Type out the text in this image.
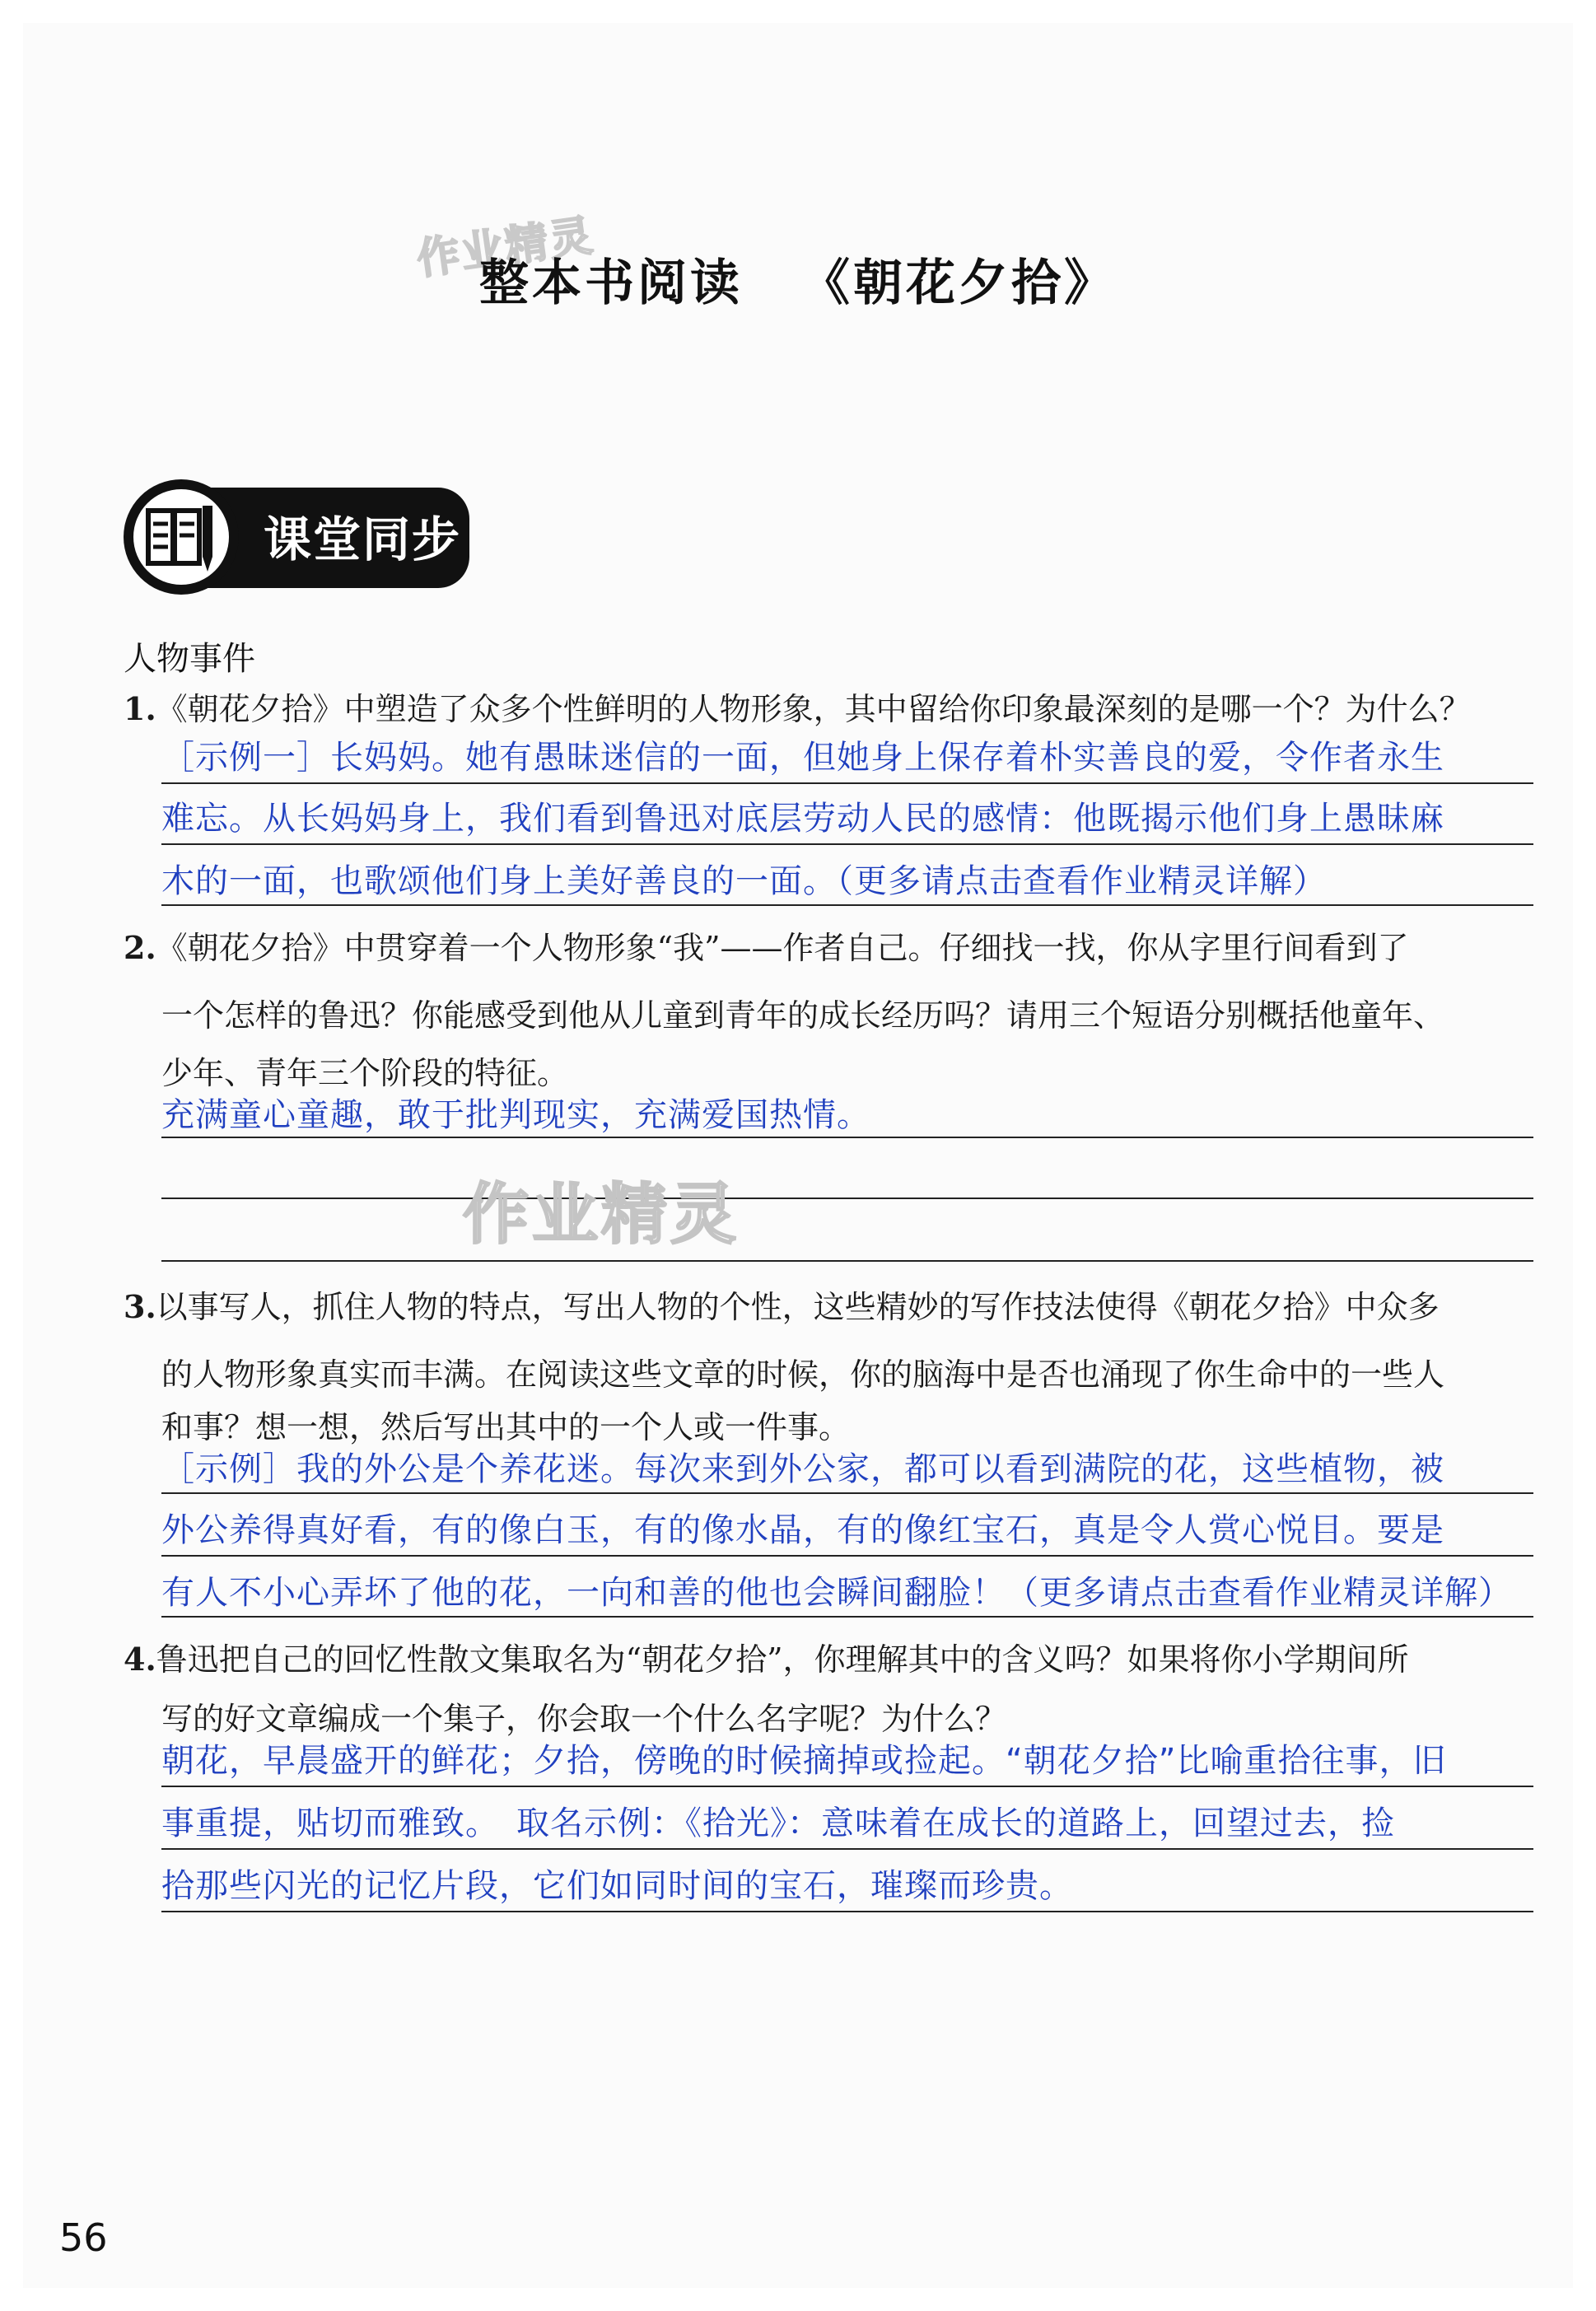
作业精灵
整本书阅读 《朝花夕拾》
课堂同步
人物事件
1.《朝花夕拾》中塑造了众多个性鲜明的人物形象，其中留给你印象最深刻的是哪一个？为什么？
［示例一］长妈妈。她有愚昧迷信的一面，但她身上保存着朴实善良的爱，令作者永生
难忘。从长妈妈身上，我们看到鲁迅对底层劳动人民的感情：他既揭示他们身上愚昧麻
木的一面，也歌颂他们身上美好善良的一面。（更多请点击查看作业精灵详解）
2.《朝花夕拾》中贯穿着一个人物形象“我”——作者自己。仔细找一找，你从字里行间看到了
一个怎样的鲁迅？你能感受到他从儿童到青年的成长经历吗？请用三个短语分别概括他童年、
少年、青年三个阶段的特征。
充满童心童趣，敢于批判现实，充满爱国热情。
作业精灵
3.以事写人，抓住人物的特点，写出人物的个性，这些精妙的写作技法使得《朝花夕拾》中众多
的人物形象真实而丰满。在阅读这些文章的时候，你的脑海中是否也涌现了你生命中的一些人
和事？想一想，然后写出其中的一个人或一件事。
［示例］我的外公是个养花迷。每次来到外公家，都可以看到满院的花，这些植物，被
外公养得真好看，有的像白玉，有的像水晶，有的像红宝石，真是令人赏心悦目。要是
有人不小心弄坏了他的花，一向和善的他也会瞬间翻脸！（更多请点击查看作业精灵详解）
4.鲁迅把自己的回忆性散文集取名为“朝花夕拾”，你理解其中的含义吗？如果将你小学期间所
写的好文章编成一个集子，你会取一个什么名字呢？为什么？
朝花，早晨盛开的鲜花；夕拾，傍晚的时候摘掉或捡起。“朝花夕拾”比喻重拾往事，旧
事重提，贴切而雅致。　取名示例：《拾光》：意味着在成长的道路上，回望过去，捡
拾那些闪光的记忆片段，它们如同时间的宝石，璀璨而珍贵。
56
